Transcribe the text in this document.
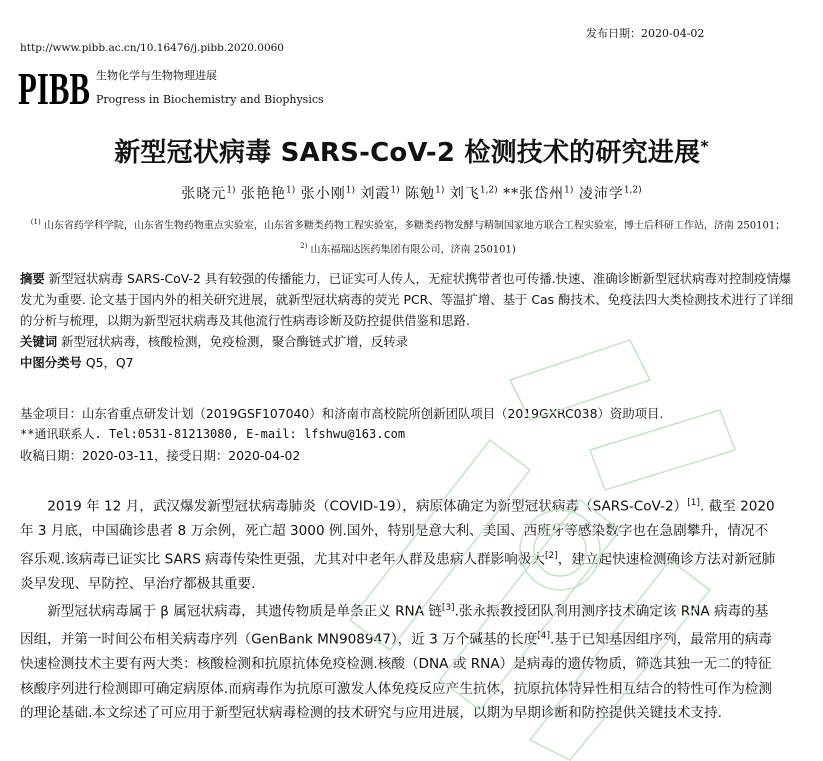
发布日期：2020-04-02
http://www.pibb.ac.cn/10.16476/j.pibb.2020.0060
PIBB 生物化学与生物物理进展
Progress in Biochemistry and Biophysics
新型冠状病毒 SARS-CoV-2 检测技术的研究进展*
张晓元$^{1)}$ 张艳艳$^{1)}$ 张小刚$^{1)}$ 刘霞$^{1)}$ 陈勉$^{1)}$ 刘飞$^{1,2)}$ **张岱州$^{1)}$ 凌沛学$^{1,2)}$
$^{(1)}$ 山东省药学科学院，山东省生物药物重点实验室，山东省多糖类药物工程实验室，多糖类药物发酵与精制国家地方联合工程实验室，博士后科研工作站，济南 250101； $^{2)}$ 山东福瑞达医药集团有限公司，济南 250101)
摘要 新型冠状病毒 SARS-CoV-2 具有较强的传播能力，已证实可人传人，无症状携带者也可传播.快速、准确诊断新型冠状病毒对控制疫情爆发尤为重要. 论文基于国内外的相关研究进展，就新型冠状病毒的荧光 PCR、等温扩增、基于 Cas 酶技术、免疫法四大类检测技术进行了详细的分析与梳理，以期为新型冠状病毒及其他流行性病毒诊断及防控提供借鉴和思路.
关键词 新型冠状病毒，核酸检测，免疫检测，聚合酶链式扩增，反转录
中图分类号 Q5，Q7
基金项目：山东省重点研发计划（2019GSF107040）和济南市高校院所创新团队项目（2019GXRC038）资助项目.
**通讯联系人. Tel:0531-81213080, E-mail: lfshwu@163.com
收稿日期：2020-03-11，接受日期：2020-04-02

2019 年 12 月，武汉爆发新型冠状病毒肺炎（COVID-19），病原体确定为新型冠状病毒（SARS-CoV-2）[1]. 截至 2020 年 3 月底，中国确诊患者 8 万余例，死亡超 3000 例.国外，特别是意大利、美国、西班牙等感染数字也在急剧攀升，情况不容乐观.该病毒已证实比 SARS 病毒传染性更强，尤其对中老年人群及患病人群影响极大[2]，建立起快速检测确诊方法对新冠肺炎早发现、早防控、早治疗都极其重要.

新型冠状病毒属于 β 属冠状病毒，其遗传物质是单条正义 RNA 链[3].张永振教授团队利用测序技术确定该 RNA 病毒的基因组，并第一时间公布相关病毒序列（GenBank MN908947），近 3 万个碱基的长度[4].基于已知基因组序列，最常用的病毒快速检测技术主要有两大类：核酸检测和抗原抗体免疫检测.核酸（DNA 或 RNA）是病毒的遗传物质，筛选其独一无二的特征核酸序列进行检测即可确定病原体.而病毒作为抗原可激发人体免疫反应产生抗体，抗原抗体特异性相互结合的特性可作为检测的理论基础.本文综述了可应用于新型冠状病毒检测的技术研究与应用进展，以期为早期诊断和防控提供关键技术支持.
